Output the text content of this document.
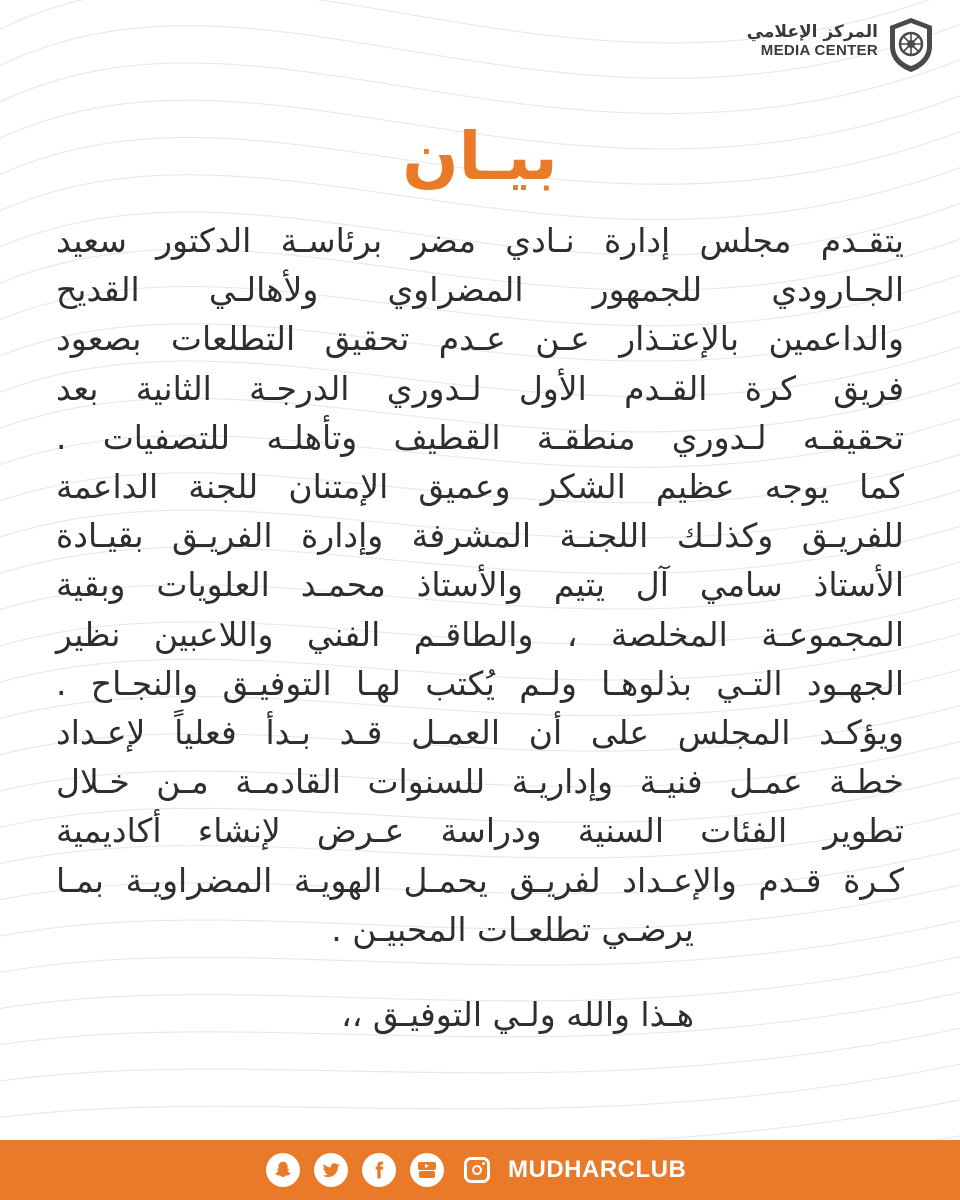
المركز الإعلامي
MEDIA CENTER
بيـان
يتقـدم مجلس إدارة نـادي مضر برئاسـة الدكتور سعيد
الجـارودي للجمهور المضراوي ولأهالـي القديح
والداعمين بالإعتـذار عـن عـدم تحقيق التطلعات بصعود
فريق كرة القـدم الأول لـدوري الدرجـة الثانية بعد
تحقيقـه لـدوري منطقـة القطيف وتأهلـه للتصفيات .
كما يوجه عظيم الشكر وعميق الإمتنان للجنة الداعمة
للفريـق وكذلـك اللجنـة المشرفة وإدارة الفريـق بقيـادة
الأستاذ سامي آل يتيم والأستاذ محمـد العلويات وبقية
المجموعـة المخلصة ، والطاقـم الفني واللاعبين نظير
الجهـود التـي بذلوهـا ولـم يُكتب لهـا التوفيـق والنجـاح .
ويؤكـد المجلس على أن العمـل قـد بـدأ فعلياً لإعـداد
خطـة عمـل فنيـة وإداريـة للسنوات القادمـة مـن خـلال
تطوير الفئات السنية ودراسة عـرض لإنشاء أكاديمية
كـرة قـدم والإعـداد لفريـق يحمـل الهويـة المضراويـة بمـا
يرضـي تطلعـات المحبيـن .
هـذا والله ولـي التوفيـق ،،
MUDHARCLUB
